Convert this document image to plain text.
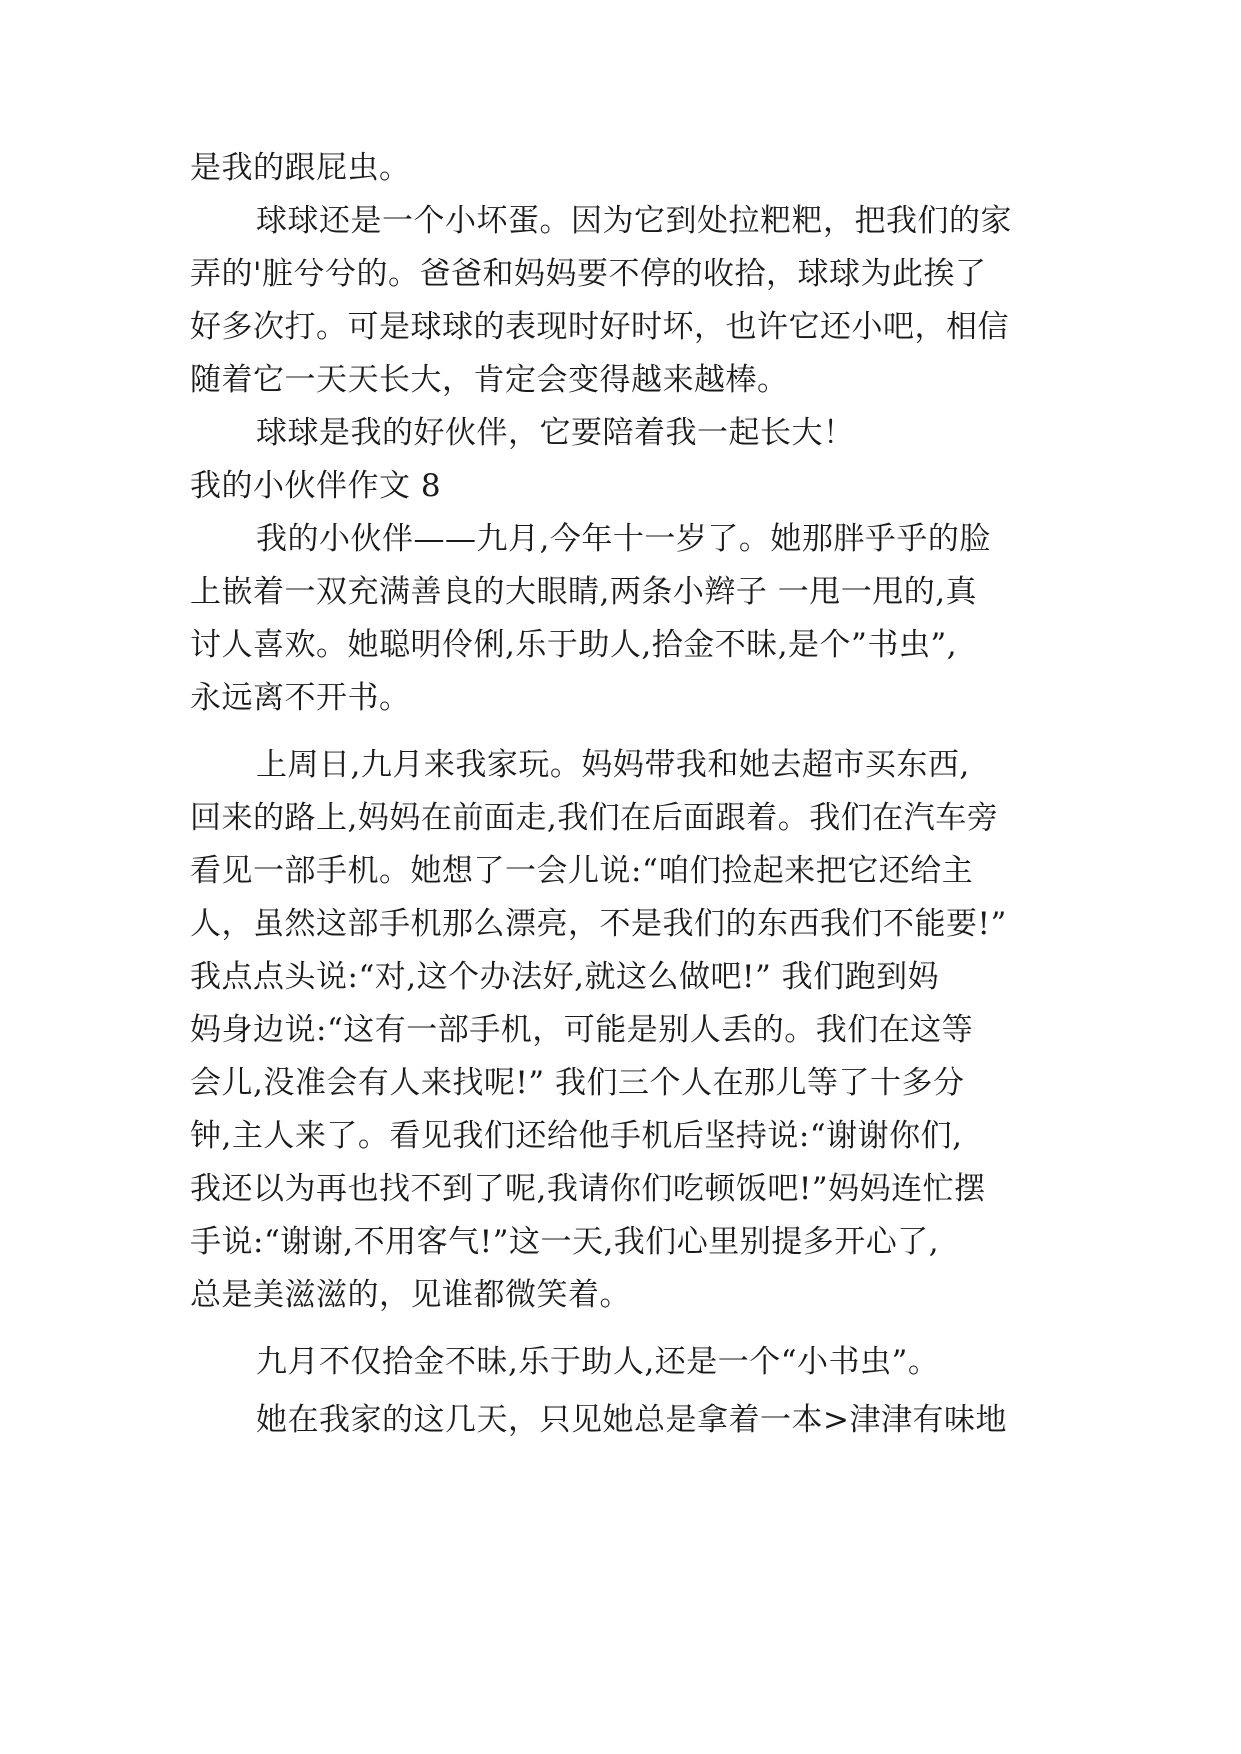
是我的跟屁虫。
球球还是一个小坏蛋。因为它到处拉粑粑，把我们的家
弄的'脏兮兮的。爸爸和妈妈要不停的收拾，球球为此挨了
好多次打。可是球球的表现时好时坏，也许它还小吧，相信
随着它一天天长大，肯定会变得越来越棒。
球球是我的好伙伴，它要陪着我一起长大！
我的小伙伴作文 8
我的小伙伴——九月,今年十一岁了。她那胖乎乎的脸
上嵌着一双充满善良的大眼睛,两条小辫子 一甩一甩的,真
讨人喜欢。她聪明伶俐,乐于助人,拾金不昧,是个”书虫”,
永远离不开书。
上周日,九月来我家玩。妈妈带我和她去超市买东西,
回来的路上,妈妈在前面走,我们在后面跟着。我们在汽车旁
看见一部手机。她想了一会儿说:“咱们捡起来把它还给主
人，虽然这部手机那么漂亮，不是我们的东西我们不能要!”
我点点头说:“对,这个办法好,就这么做吧!” 我们跑到妈
妈身边说:“这有一部手机，可能是别人丢的。我们在这等
会儿,没准会有人来找呢!” 我们三个人在那儿等了十多分
钟,主人来了。看见我们还给他手机后坚持说:“谢谢你们,
我还以为再也找不到了呢,我请你们吃顿饭吧!”妈妈连忙摆
手说:“谢谢,不用客气!”这一天,我们心里别提多开心了,
总是美滋滋的，见谁都微笑着。
九月不仅拾金不昧,乐于助人,还是一个“小书虫”。
她在我家的这几天，只见她总是拿着一本>津津有味地
